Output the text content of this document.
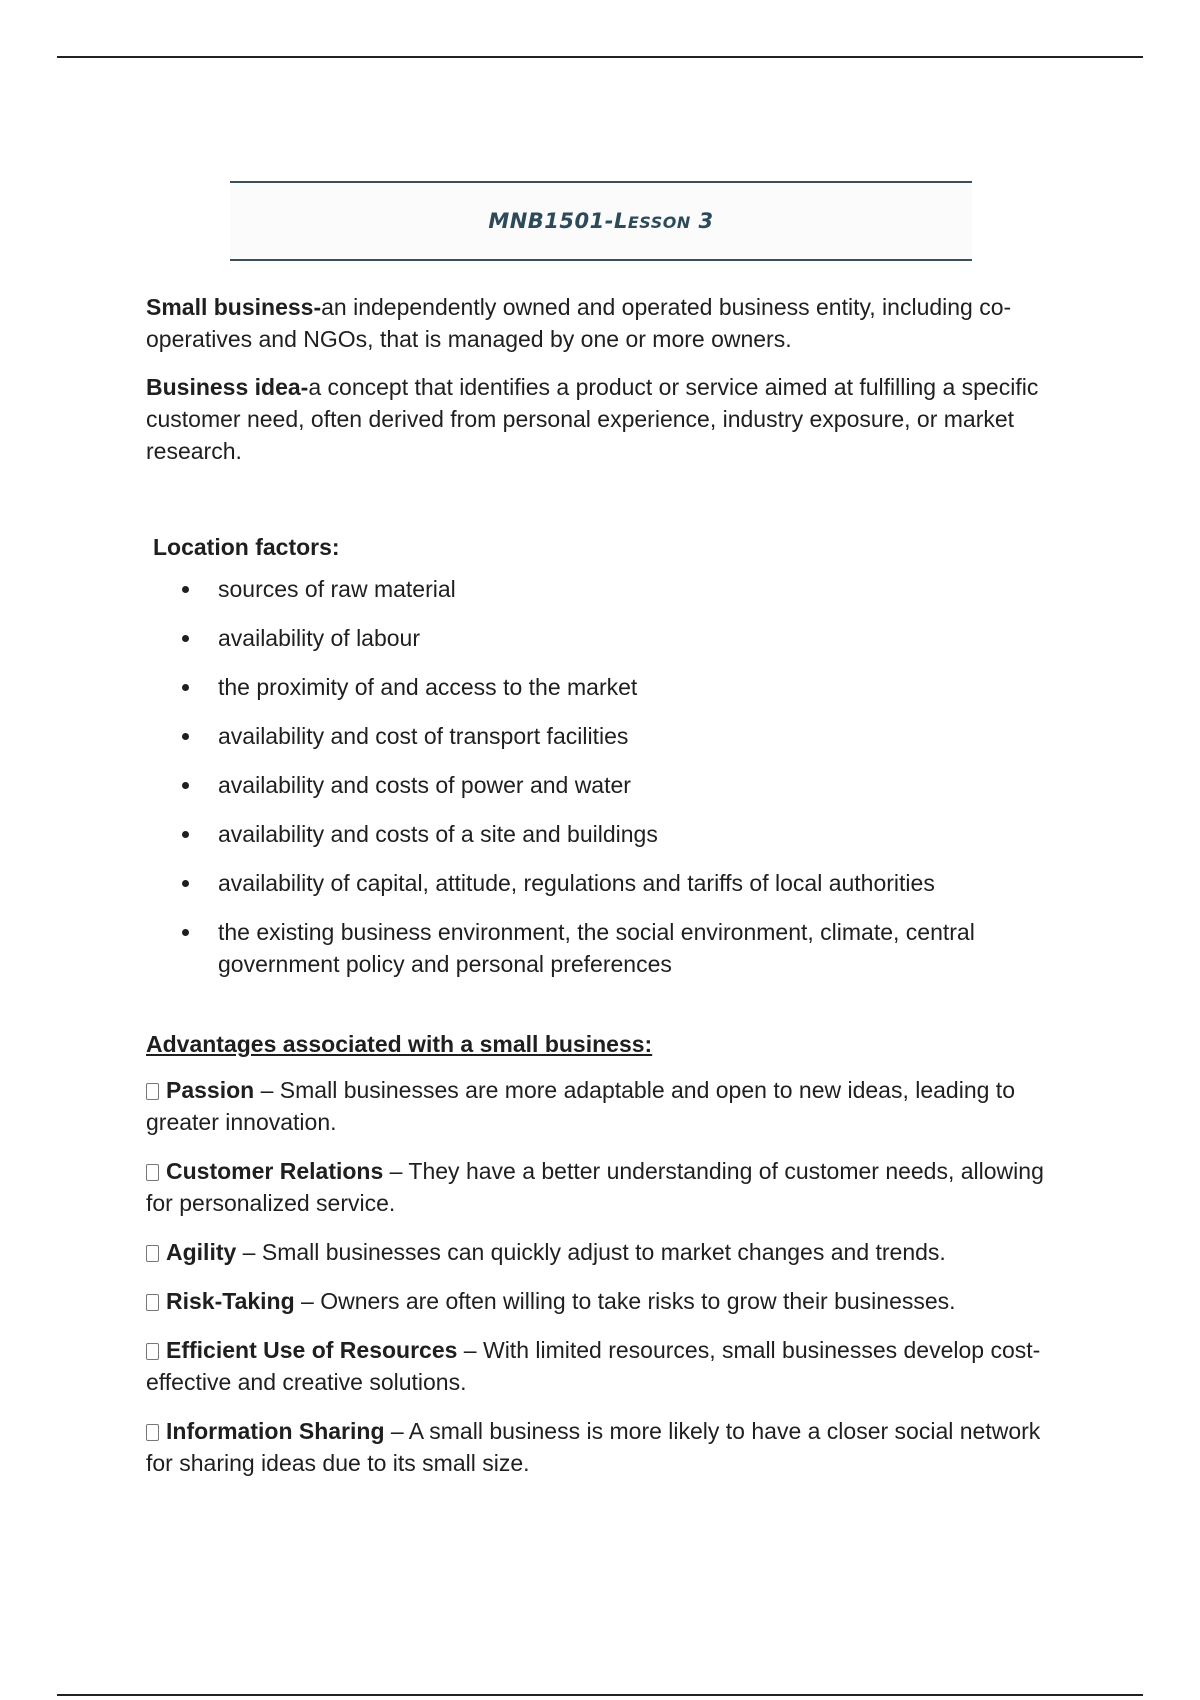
MNB1501-LESSON 3

Small business-an independently owned and operated business entity, including co-operatives and NGOs, that is managed by one or more owners.

Business idea-a concept that identifies a product or service aimed at fulfilling a specific customer need, often derived from personal experience, industry exposure, or market research.

Location factors:
sources of raw material
availability of labour
the proximity of and access to the market
availability and cost of transport facilities
availability and costs of power and water
availability and costs of a site and buildings
availability of capital, attitude, regulations and tariffs of local authorities
the existing business environment, the social environment, climate, central government policy and personal preferences
Advantages associated with a small business:

Passion – Small businesses are more adaptable and open to new ideas, leading to greater innovation.

Customer Relations – They have a better understanding of customer needs, allowing for personalized service.

Agility – Small businesses can quickly adjust to market changes and trends.

Risk-Taking – Owners are often willing to take risks to grow their businesses.

Efficient Use of Resources – With limited resources, small businesses develop cost-effective and creative solutions.

Information Sharing – A small business is more likely to have a closer social network for sharing ideas due to its small size.
